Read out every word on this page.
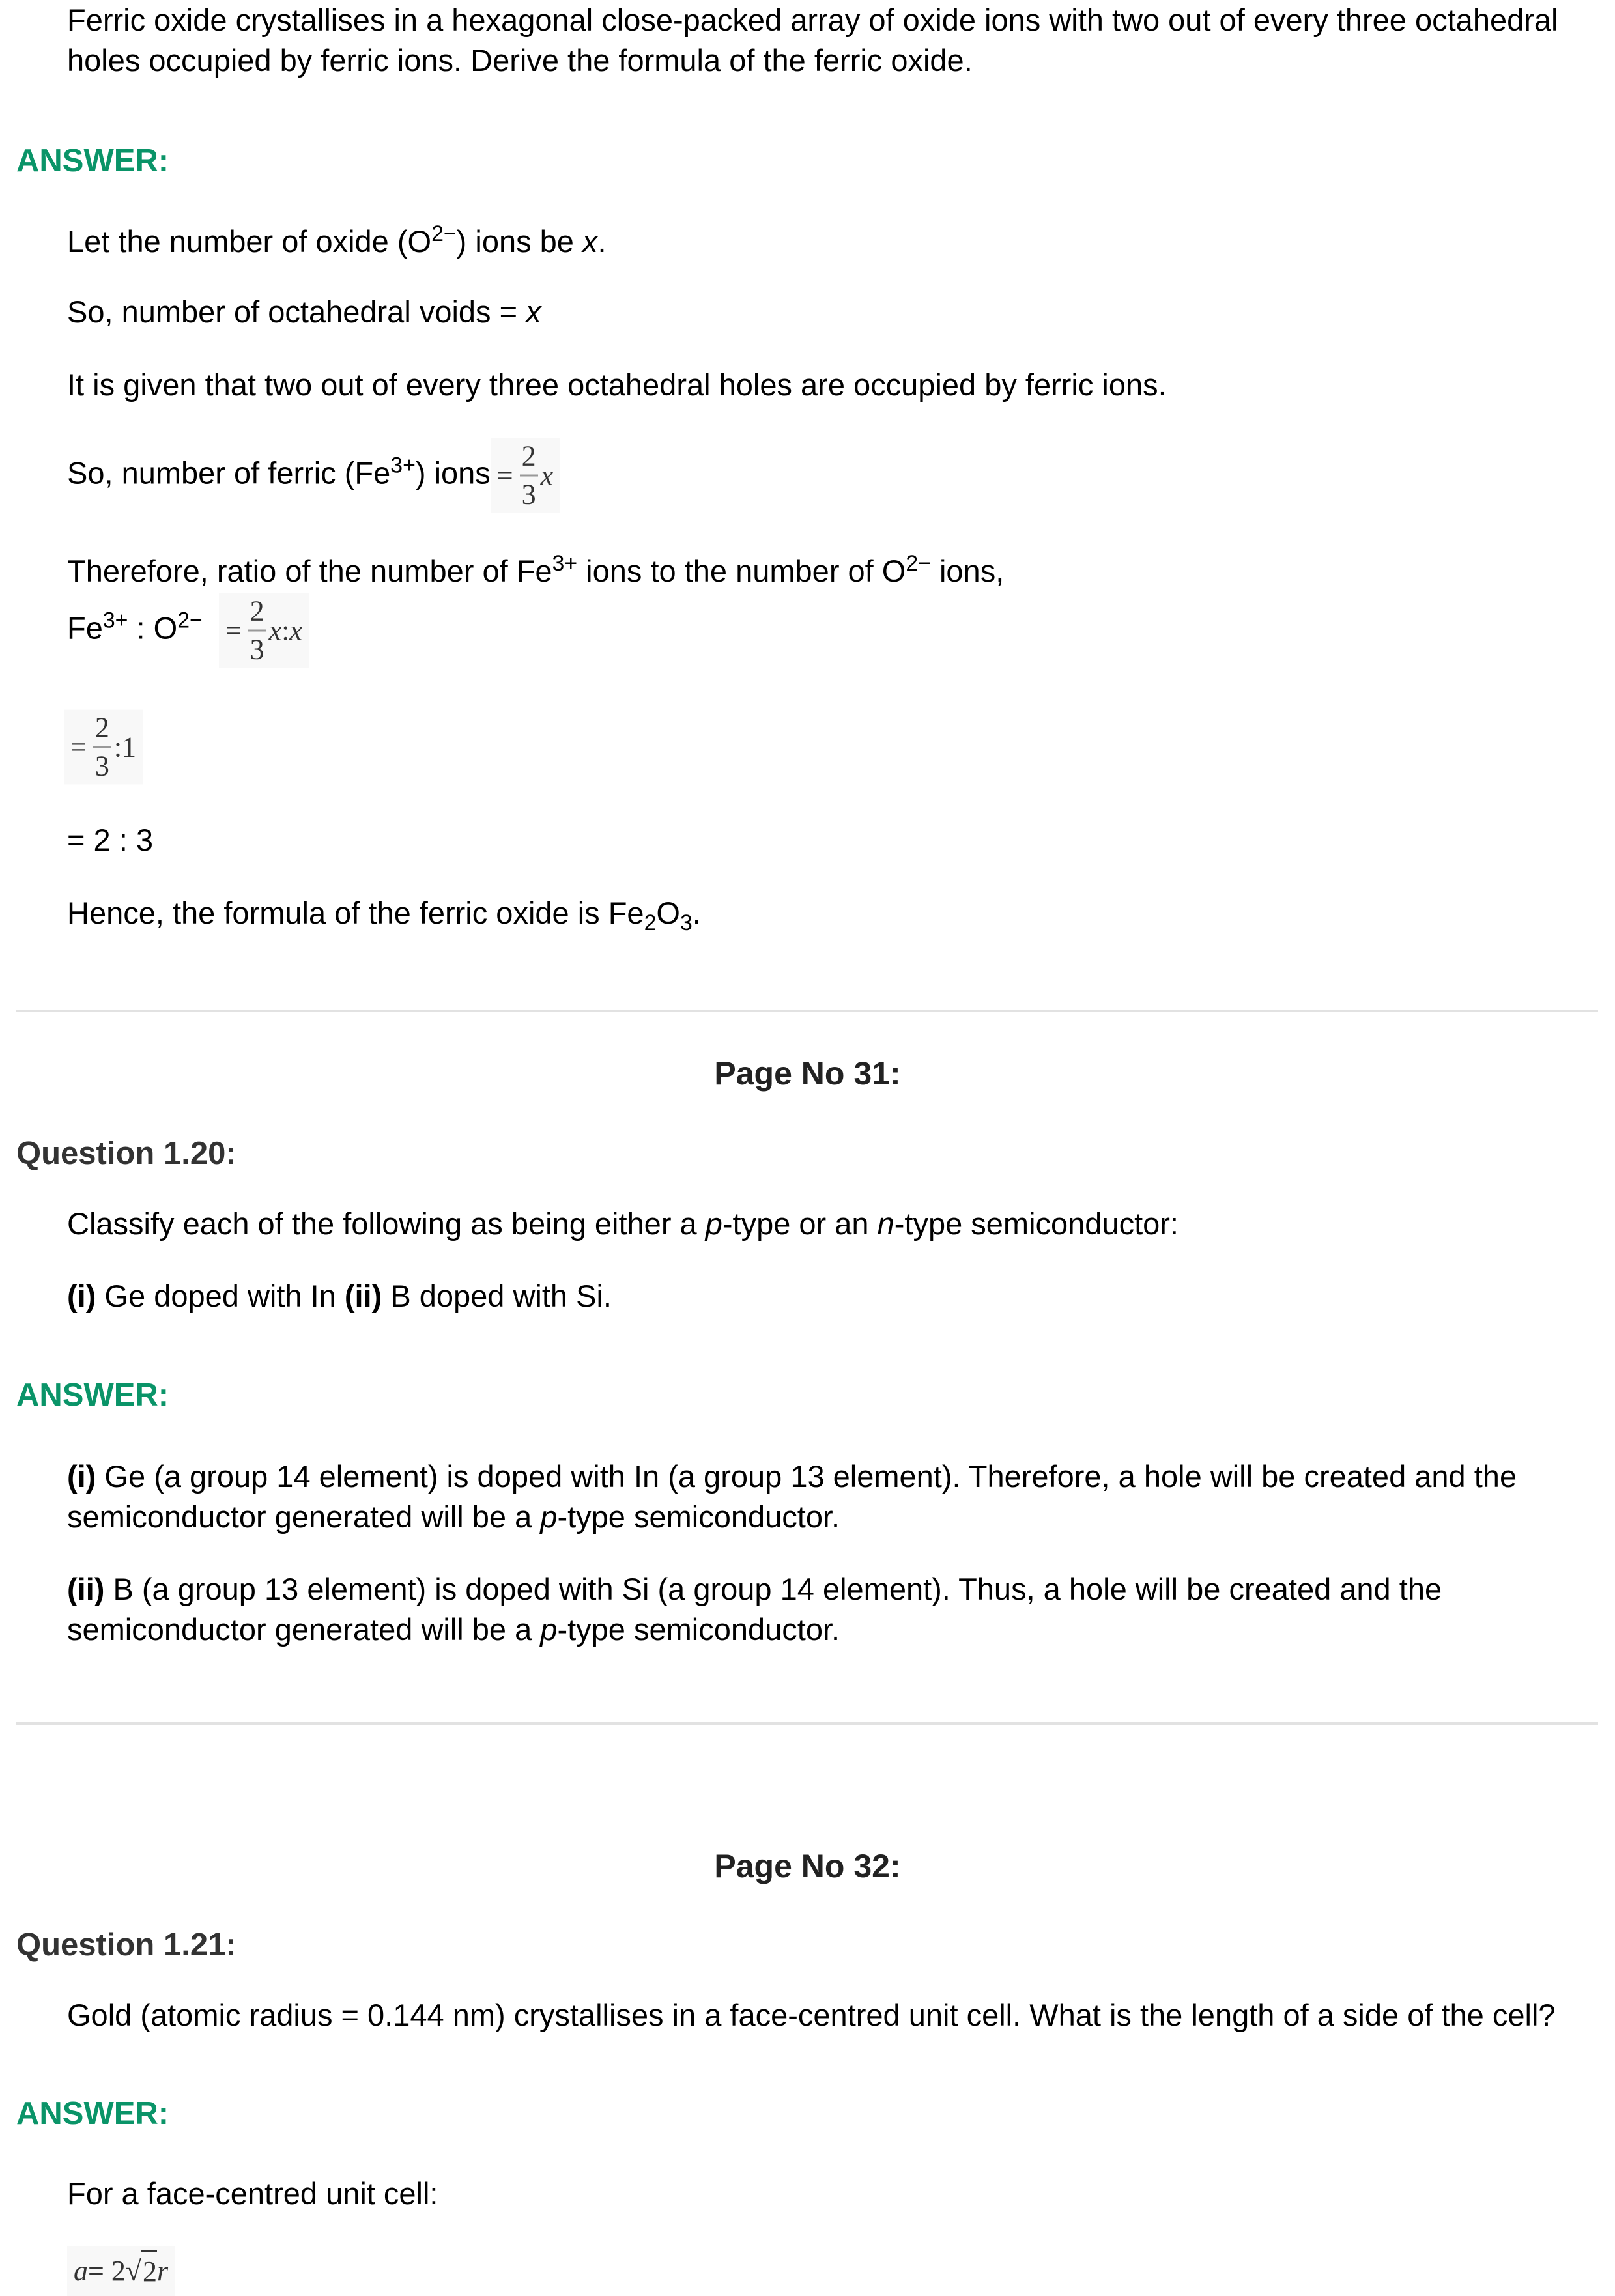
Ferric oxide crystallises in a hexagonal close-packed array of oxide ions with two out of every three octahedral holes occupied by ferric ions. Derive the formula of the ferric oxide.
ANSWER:
Let the number of oxide $(O^{2-})$ ions be x.
So, number of octahedral voids = x
It is given that two out of every three octahedral holes are occupied by ferric ions.
So, number of ferric $(Fe^{3+})$ ions = $\frac{2}{3}$ x
Therefore, ratio of the number of $Fe^{3+}$ ions to the number of $O^{2-}$ ions,
$Fe^{3+}$ : $O^{2-} = \frac{2}{3}$ x : x
= $\frac{2}{3}$ :1
= 2 : 3
Hence, the formula of the ferric oxide is $Fe_2O_3$.
Page No 31:
Question 1.20:
Classify each of the following as being either a p-type or an n-type semiconductor:
(i) Ge doped with In (ii) B doped with Si.
ANSWER:
(i) Ge (a group 14 element) is doped with In (a group 13 element). Therefore, a hole will be created and the semiconductor generated will be a p-type semiconductor.
(ii) B (a group 13 element) is doped with Si (a group 14 element). Thus, a hole will be created and the semiconductor generated will be a p-type semiconductor.
Page No 32:
Question 1.21:
Gold (atomic radius = 0.144 nm) crystallises in a face-centred unit cell. What is the length of a side of the cell?
ANSWER:
For a face-centred unit cell:
a = 2 √ 2 r
